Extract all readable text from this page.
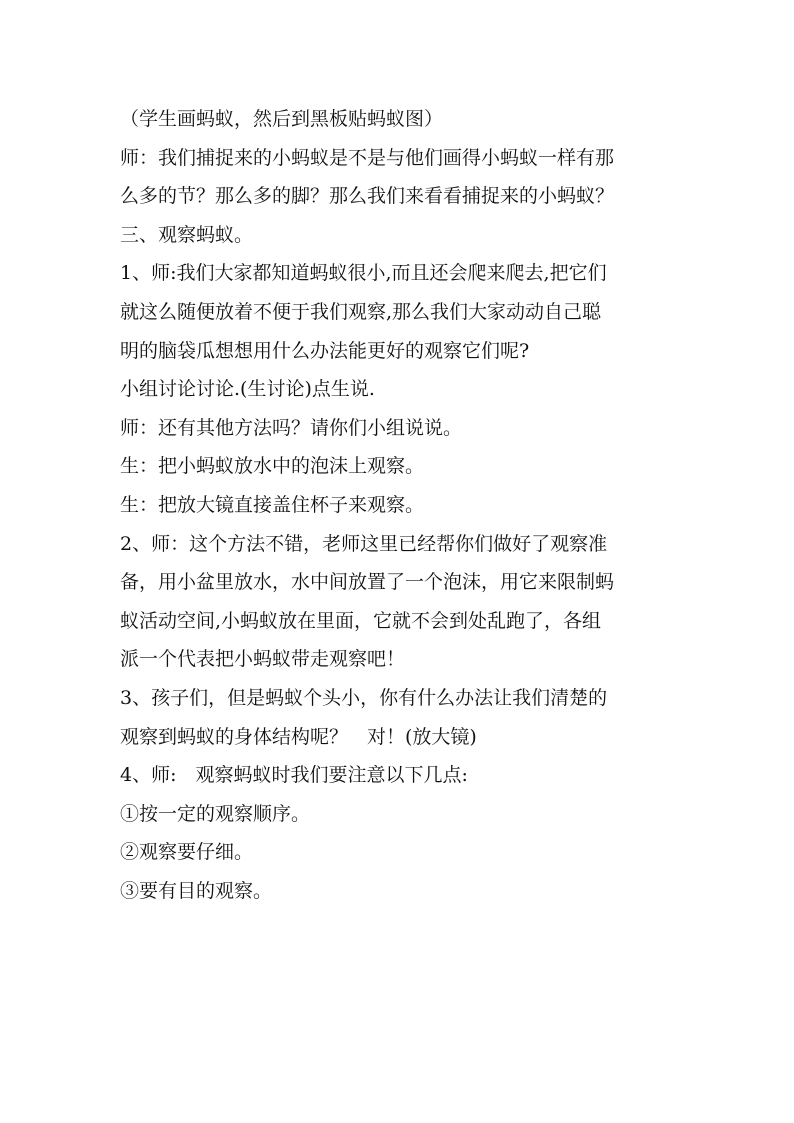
（学生画蚂蚁，然后到黑板贴蚂蚁图）
师：我们捕捉来的小蚂蚁是不是与他们画得小蚂蚁一样有那
么多的节？那么多的脚？那么我们来看看捕捉来的小蚂蚁？
三、观察蚂蚁。
1、师:我们大家都知道蚂蚁很小,而且还会爬来爬去,把它们
就这么随便放着不便于我们观察,那么我们大家动动自己聪
明的脑袋瓜想想用什么办法能更好的观察它们呢?
小组讨论讨论.(生讨论)点生说.
师：还有其他方法吗？请你们小组说说。
生：把小蚂蚁放水中的泡沫上观察。
生：把放大镜直接盖住杯子来观察。
2、师：这个方法不错，老师这里已经帮你们做好了观察准
备，用小盆里放水，水中间放置了一个泡沫，用它来限制蚂
蚁活动空间,小蚂蚁放在里面，它就不会到处乱跑了，各组
派一个代表把小蚂蚁带走观察吧！
3、孩子们，但是蚂蚁个头小，你有什么办法让我们清楚的
观察到蚂蚁的身体结构呢？　对！(放大镜)
4、师:　观察蚂蚁时我们要注意以下几点:
①按一定的观察顺序。
②观察要仔细。
③要有目的观察。
